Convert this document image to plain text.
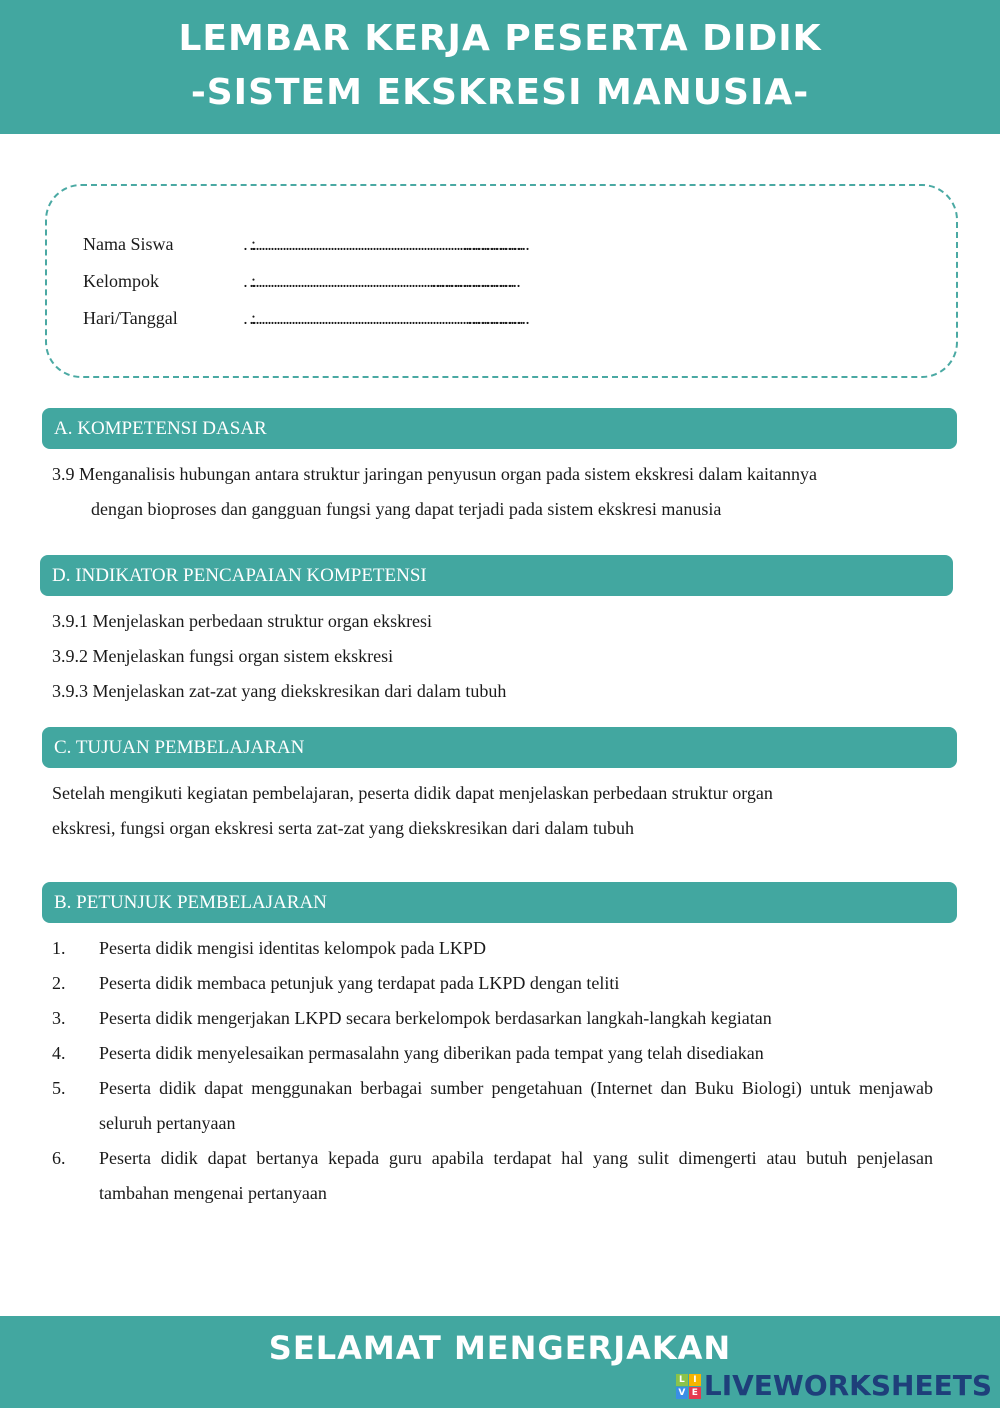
LEMBAR KERJA PESERTA DIDIK
-SISTEM EKSKRESI MANUSIA-
Nama Siswa	: …………………………………………………………………………………..............
Kelompok	: ………………………………………………………………………………...................
Hari/Tanggal	: ………………………………………………………………………………….............
A. KOMPETENSI DASAR
3.9 Menganalisis hubungan antara struktur jaringan penyusun organ pada sistem ekskresi dalam kaitannya
dengan bioproses dan gangguan fungsi yang dapat terjadi pada sistem ekskresi manusia
D. INDIKATOR PENCAPAIAN KOMPETENSI
3.9.1 Menjelaskan perbedaan struktur organ ekskresi
3.9.2 Menjelaskan fungsi organ sistem ekskresi
3.9.3 Menjelaskan zat-zat yang diekskresikan dari dalam tubuh
C. TUJUAN PEMBELAJARAN
Setelah mengikuti kegiatan pembelajaran, peserta didik dapat menjelaskan perbedaan struktur organ
ekskresi, fungsi organ ekskresi serta zat-zat yang diekskresikan dari dalam tubuh
B. PETUNJUK PEMBELAJARAN
1.	Peserta didik mengisi identitas kelompok pada LKPD
2.	Peserta didik membaca petunjuk yang terdapat pada LKPD dengan teliti
3.	Peserta didik mengerjakan LKPD secara berkelompok berdasarkan langkah-langkah kegiatan
4.	Peserta didik menyelesaikan permasalahn yang diberikan pada tempat yang telah disediakan
5.	Peserta didik dapat menggunakan berbagai sumber pengetahuan (Internet dan Buku Biologi) untuk menjawab seluruh pertanyaan
6.	Peserta didik dapat bertanya kepada guru apabila terdapat hal yang sulit dimengerti atau butuh penjelasan tambahan mengenai pertanyaan
SELAMAT MENGERJAKAN
L I
V E LIVEWORKSHEETS
